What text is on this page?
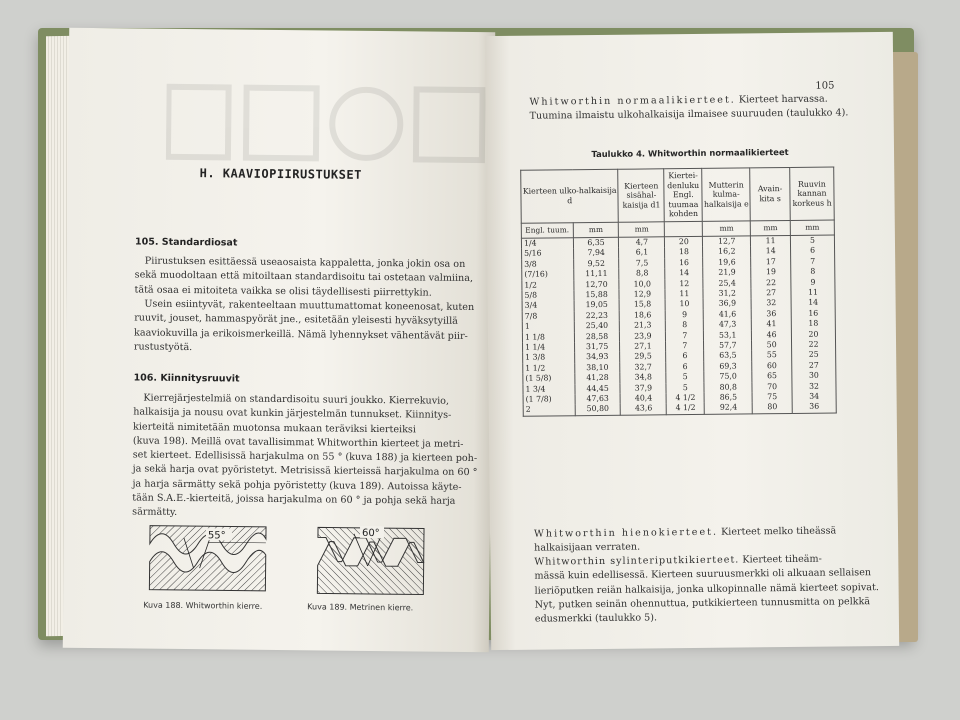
H. KAAVIOPIIRUSTUKSET
105. Standardiosat
Piirustuksen esittäessä useaosaista kappaletta, jonka jokin osa on
sekä muodoltaan että mitoiltaan standardisoitu tai ostetaan valmiina,
tätä osaa ei mitoiteta vaikka se olisi täydellisesti piirrettykin.
Usein esiintyvät, rakenteeltaan muuttumattomat koneenosat, kuten
ruuvit, jouset, hammaspyörät jne., esitetään yleisesti hyväksytyillä
kaaviokuvilla ja erikoismerkeillä. Nämä lyhennykset vähentävät piir-
rustustyötä.
106. Kiinnitysruuvit
Kierrejärjestelmiä on standardisoitu suuri joukko. Kierrekuvio,
halkaisija ja nousu ovat kunkin järjestelmän tunnukset. Kiinnitys-
kierteitä nimitetään muotonsa mukaan teräviksi kierteiksi
(kuva 198). Meillä ovat tavallisimmat Whitworthin kierteet ja metri-
set kierteet. Edellisissä harjakulma on 55 ° (kuva 188) ja kierteen poh-
ja sekä harja ovat pyöristetyt. Metrisissä kierteissä harjakulma on 60 °
ja harja särmätty sekä pohja pyöristetty (kuva 189). Autoissa käyte-
tään S.A.E.-kierteitä, joissa harjakulma on 60 ° ja pohja sekä harja
särmätty.
55°
Kuva 188. Whitworthin kierre.
60°
Kuva 189. Metrinen kierre.
105
Whitworthin normaalikierteet. Kierteet harvassa.
Tuumina ilmaistu ulkohalkaisija ilmaisee suuruuden (taulukko 4).
Taulukko 4. Whitworthin normaalikierteet
Kierteen ulko-halkaisija d		Kierteen sisähal-kaisija d1	Kiertei-denluku Engl. tuumaa kohden	Mutterin kulma-halkaisija e	Avain-kita s	Ruuvin kannan korkeus h
Engl. tuum.	mm	mm		mm	mm	mm
1/4	6,35	4,7	20	12,7	11	5
5/16	7,94	6,1	18	16,2	14	6
3/8	9,52	7,5	16	19,6	17	7
(7/16)	11,11	8,8	14	21,9	19	8
1/2	12,70	10,0	12	25,4	22	9
5/8	15,88	12,9	11	31,2	27	11
3/4	19,05	15,8	10	36,9	32	14
7/8	22,23	18,6	9	41,6	36	16
1	25,40	21,3	8	47,3	41	18
1 1/8	28,58	23,9	7	53,1	46	20
1 1/4	31,75	27,1	7	57,7	50	22
1 3/8	34,93	29,5	6	63,5	55	25
1 1/2	38,10	32,7	6	69,3	60	27
(1 5/8)	41,28	34,8	5	75,0	65	30
1 3/4	44,45	37,9	5	80,8	70	32
(1 7/8)	47,63	40,4	4 1/2	86,5	75	34
2	50,80	43,6	4 1/2	92,4	80	36
Whitworthin hienokierteet. Kierteet melko tiheässä
halkaisijaan verraten.
Whitworthin sylinteriputkikierteet. Kierteet tiheäm-
mässä kuin edellisessä. Kierteen suuruusmerkki oli alkuaan sellaisen
lieriöputken reiän halkaisija, jonka ulkopinnalle nämä kierteet sopivat.
Nyt, putken seinän ohennuttua, putkikierteen tunnusmitta on pelkkä
edusmerkki (taulukko 5).
